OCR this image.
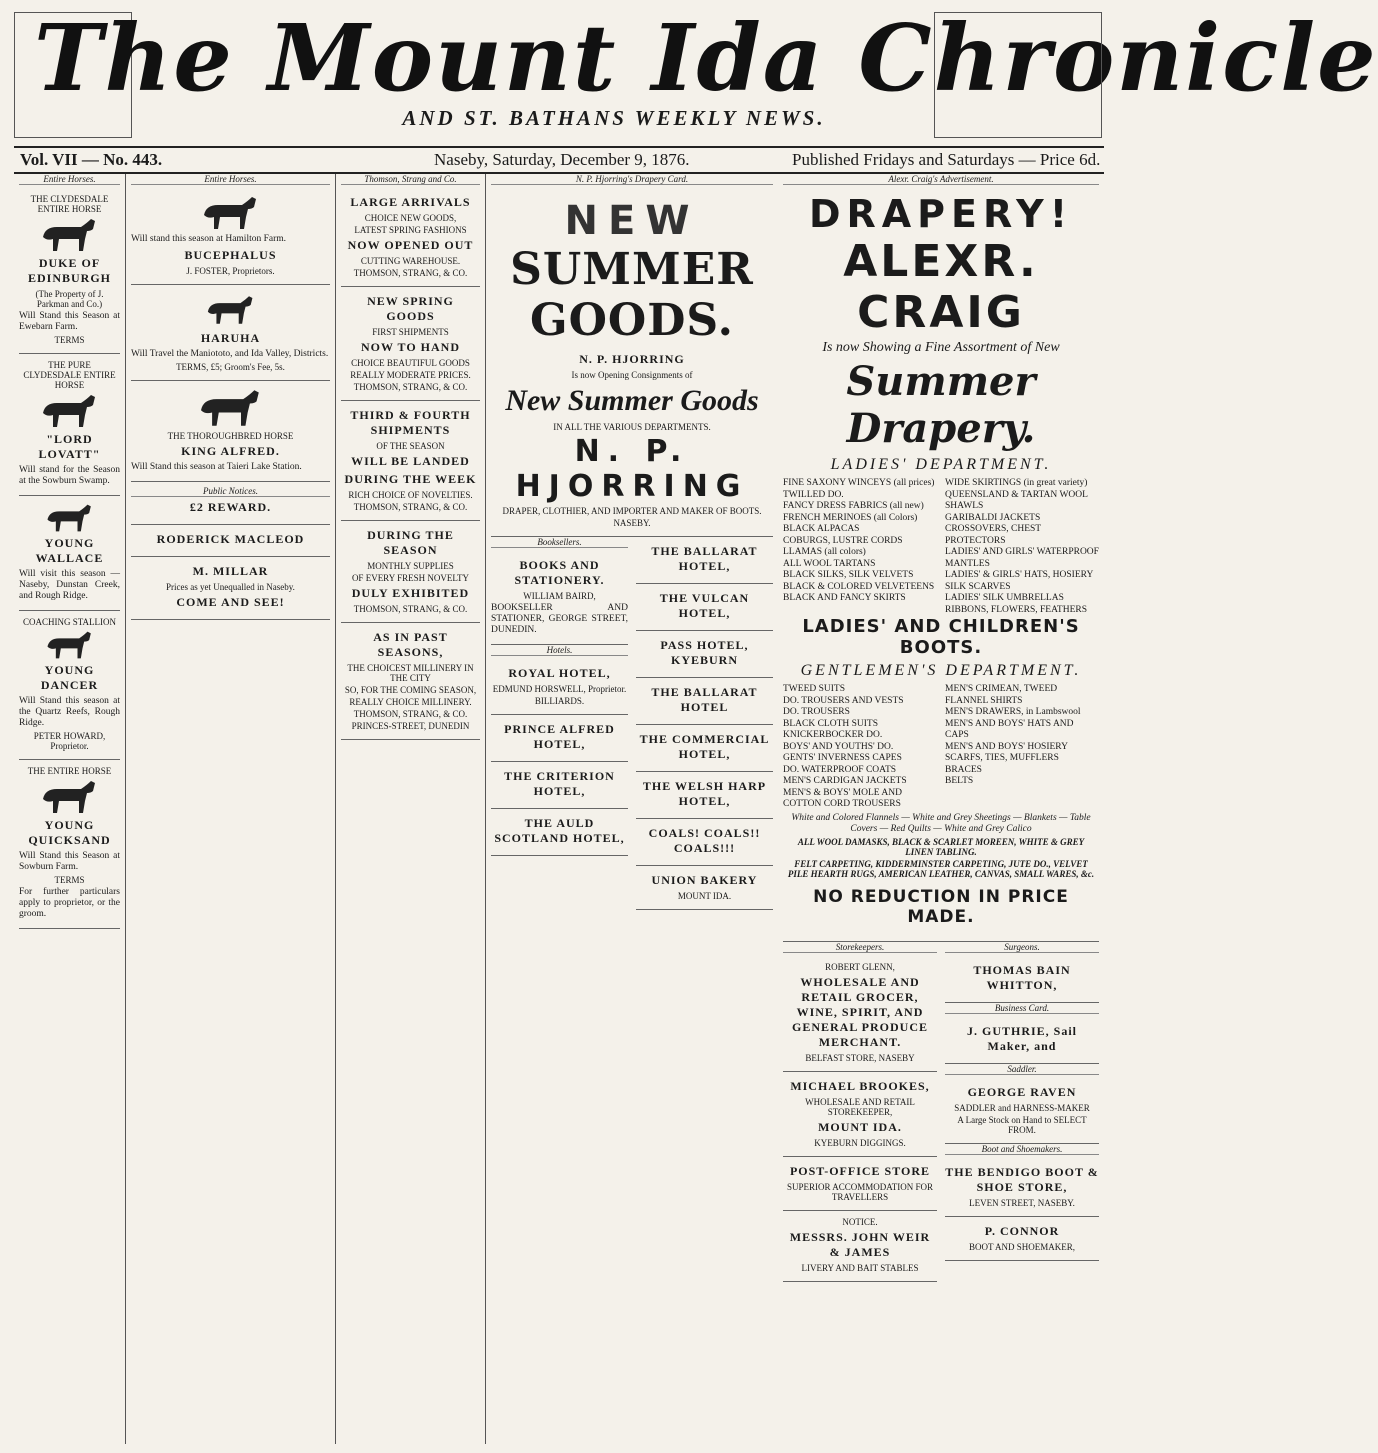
The Mount Ida Chronicle
AND ST. BATHANS WEEKLY NEWS.
Vol. VII — No. 443.	Naseby, Saturday, December 9, 1876.	Published Fridays and Saturdays — Price 6d.
Entire Horses.
THE CLYDESDALE ENTIRE HORSE
DUKE OF EDINBURGH
(The Property of J. Parkman and Co.)
Will Stand this Season at Ewebarn Farm.
TERMS
THE PURE CLYDESDALE ENTIRE HORSE
"LORD LOVATT"
Will stand for the Season at the Sowburn Swamp.
YOUNG WALLACE
Will visit this season — Naseby, Dunstan Creek, and Rough Ridge.
COACHING STALLION
YOUNG DANCER
Will Stand this season at the Quartz Reefs, Rough Ridge.
PETER HOWARD, Proprietor.
THE ENTIRE HORSE
YOUNG QUICKSAND
Will Stand this Season at Sowburn Farm.
TERMS
For further particulars apply to proprietor, or the groom.
Entire Horses.
Will stand this season at Hamilton Farm.
BUCEPHALUS
J. FOSTER, Proprietors.
HARUHA
Will Travel the Maniototo, and Ida Valley, Districts.
TERMS, £5; Groom's Fee, 5s.
THE THOROUGHBRED HORSE
KING ALFRED.
Will Stand this season at Taieri Lake Station.
Public Notices.
£2 REWARD.
RODERICK MACLEOD
M. MILLAR
Prices as yet Unequalled in Naseby.
COME AND SEE!
Thomson, Strang and Co.
LARGE ARRIVALS
CHOICE NEW GOODS,
LATEST SPRING FASHIONS
NOW OPENED OUT
CUTTING WAREHOUSE.
THOMSON, STRANG, & CO.
NEW SPRING GOODS
FIRST SHIPMENTS
NOW TO HAND
CHOICE BEAUTIFUL GOODS
REALLY MODERATE PRICES.
THOMSON, STRANG, & CO.
THIRD & FOURTH SHIPMENTS
OF THE SEASON
WILL BE LANDED
DURING THE WEEK
RICH CHOICE OF NOVELTIES.
THOMSON, STRANG, & CO.
DURING THE SEASON
MONTHLY SUPPLIES
OF EVERY FRESH NOVELTY
DULY EXHIBITED
THOMSON, STRANG, & CO.
AS IN PAST SEASONS,
THE CHOICEST MILLINERY IN THE CITY
SO, FOR THE COMING SEASON,
REALLY CHOICE MILLINERY.
THOMSON, STRANG, & CO.
PRINCES-STREET, DUNEDIN
N. P. Hjorring's Drapery Card.
NEW
SUMMER GOODS.
N. P. HJORRING
Is now Opening Consignments of
New Summer Goods
IN ALL THE VARIOUS DEPARTMENTS.
N. P. HJORRING
DRAPER, CLOTHIER, AND IMPORTER AND MAKER OF BOOTS.
NASEBY.
Booksellers.
BOOKS AND STATIONERY.
WILLIAM BAIRD,
BOOKSELLER AND STATIONER, GEORGE STREET, DUNEDIN.
Hotels.
ROYAL HOTEL,
EDMUND HORSWELL, Proprietor.
BILLIARDS.
PRINCE ALFRED HOTEL,
THE CRITERION HOTEL,
THE AULD SCOTLAND HOTEL,
THE BALLARAT HOTEL,
THE VULCAN HOTEL,
PASS HOTEL, KYEBURN
THE BALLARAT HOTEL
THE COMMERCIAL HOTEL,
THE WELSH HARP HOTEL,
COALS! COALS!! COALS!!!
UNION BAKERY
MOUNT IDA.
Alexr. Craig's Advertisement.
DRAPERY!
ALEXR. CRAIG
Is now Showing a Fine Assortment of New
Summer Drapery.
LADIES' DEPARTMENT.
FINE SAXONY WINCEYS (all prices)
TWILLED DO.
FANCY DRESS FABRICS (all new)
FRENCH MERINOES (all Colors)
BLACK ALPACAS
COBURGS, LUSTRE CORDS
LLAMAS (all colors)
ALL WOOL TARTANS
BLACK SILKS, SILK VELVETS
BLACK & COLORED VELVETEENS
BLACK AND FANCY SKIRTS
WIDE SKIRTINGS (in great variety)
QUEENSLAND & TARTAN WOOL SHAWLS
GARIBALDI JACKETS
CROSSOVERS, CHEST PROTECTORS
LADIES' AND GIRLS' WATERPROOF MANTLES
LADIES' & GIRLS' HATS, HOSIERY
SILK SCARVES
LADIES' SILK UMBRELLAS
RIBBONS, FLOWERS, FEATHERS
LADIES' AND CHILDREN'S BOOTS.
GENTLEMEN'S DEPARTMENT.
TWEED SUITS
DO. TROUSERS AND VESTS
DO. TROUSERS
BLACK CLOTH SUITS
KNICKERBOCKER DO.
BOYS' AND YOUTHS' DO.
GENTS' INVERNESS CAPES
DO. WATERPROOF COATS
MEN'S CARDIGAN JACKETS
MEN'S & BOYS' MOLE AND COTTON CORD TROUSERS
MEN'S CRIMEAN, TWEED
FLANNEL SHIRTS
MEN'S DRAWERS, in Lambswool
MEN'S AND BOYS' HATS AND CAPS
MEN'S AND BOYS' HOSIERY
SCARFS, TIES, MUFFLERS
BRACES
BELTS
White and Colored Flannels — White and Grey Sheetings — Blankets — Table Covers — Red Quilts — White and Grey Calico
ALL WOOL DAMASKS, BLACK & SCARLET MOREEN, WHITE & GREY LINEN TABLING.
FELT CARPETING, KIDDERMINSTER CARPETING, JUTE DO., VELVET PILE HEARTH RUGS, AMERICAN LEATHER, CANVAS, SMALL WARES, &c.
NO REDUCTION IN PRICE MADE.
Storekeepers.
ROBERT GLENN,
WHOLESALE AND RETAIL GROCER, WINE, SPIRIT, AND GENERAL PRODUCE MERCHANT.
BELFAST STORE, NASEBY
MICHAEL BROOKES,
WHOLESALE AND RETAIL STOREKEEPER,
MOUNT IDA.
KYEBURN DIGGINGS.
POST-OFFICE STORE
SUPERIOR ACCOMMODATION FOR TRAVELLERS
NOTICE.
MESSRS. JOHN WEIR & JAMES
LIVERY AND BAIT STABLES
Surgeons.
THOMAS BAIN WHITTON,
Business Card.
J. GUTHRIE, Sail Maker, and
Saddler.
GEORGE RAVEN
SADDLER and HARNESS-MAKER
A Large Stock on Hand to SELECT FROM.
Boot and Shoemakers.
THE BENDIGO BOOT & SHOE STORE,
LEVEN STREET, NASEBY.
P. CONNOR
BOOT AND SHOEMAKER,
